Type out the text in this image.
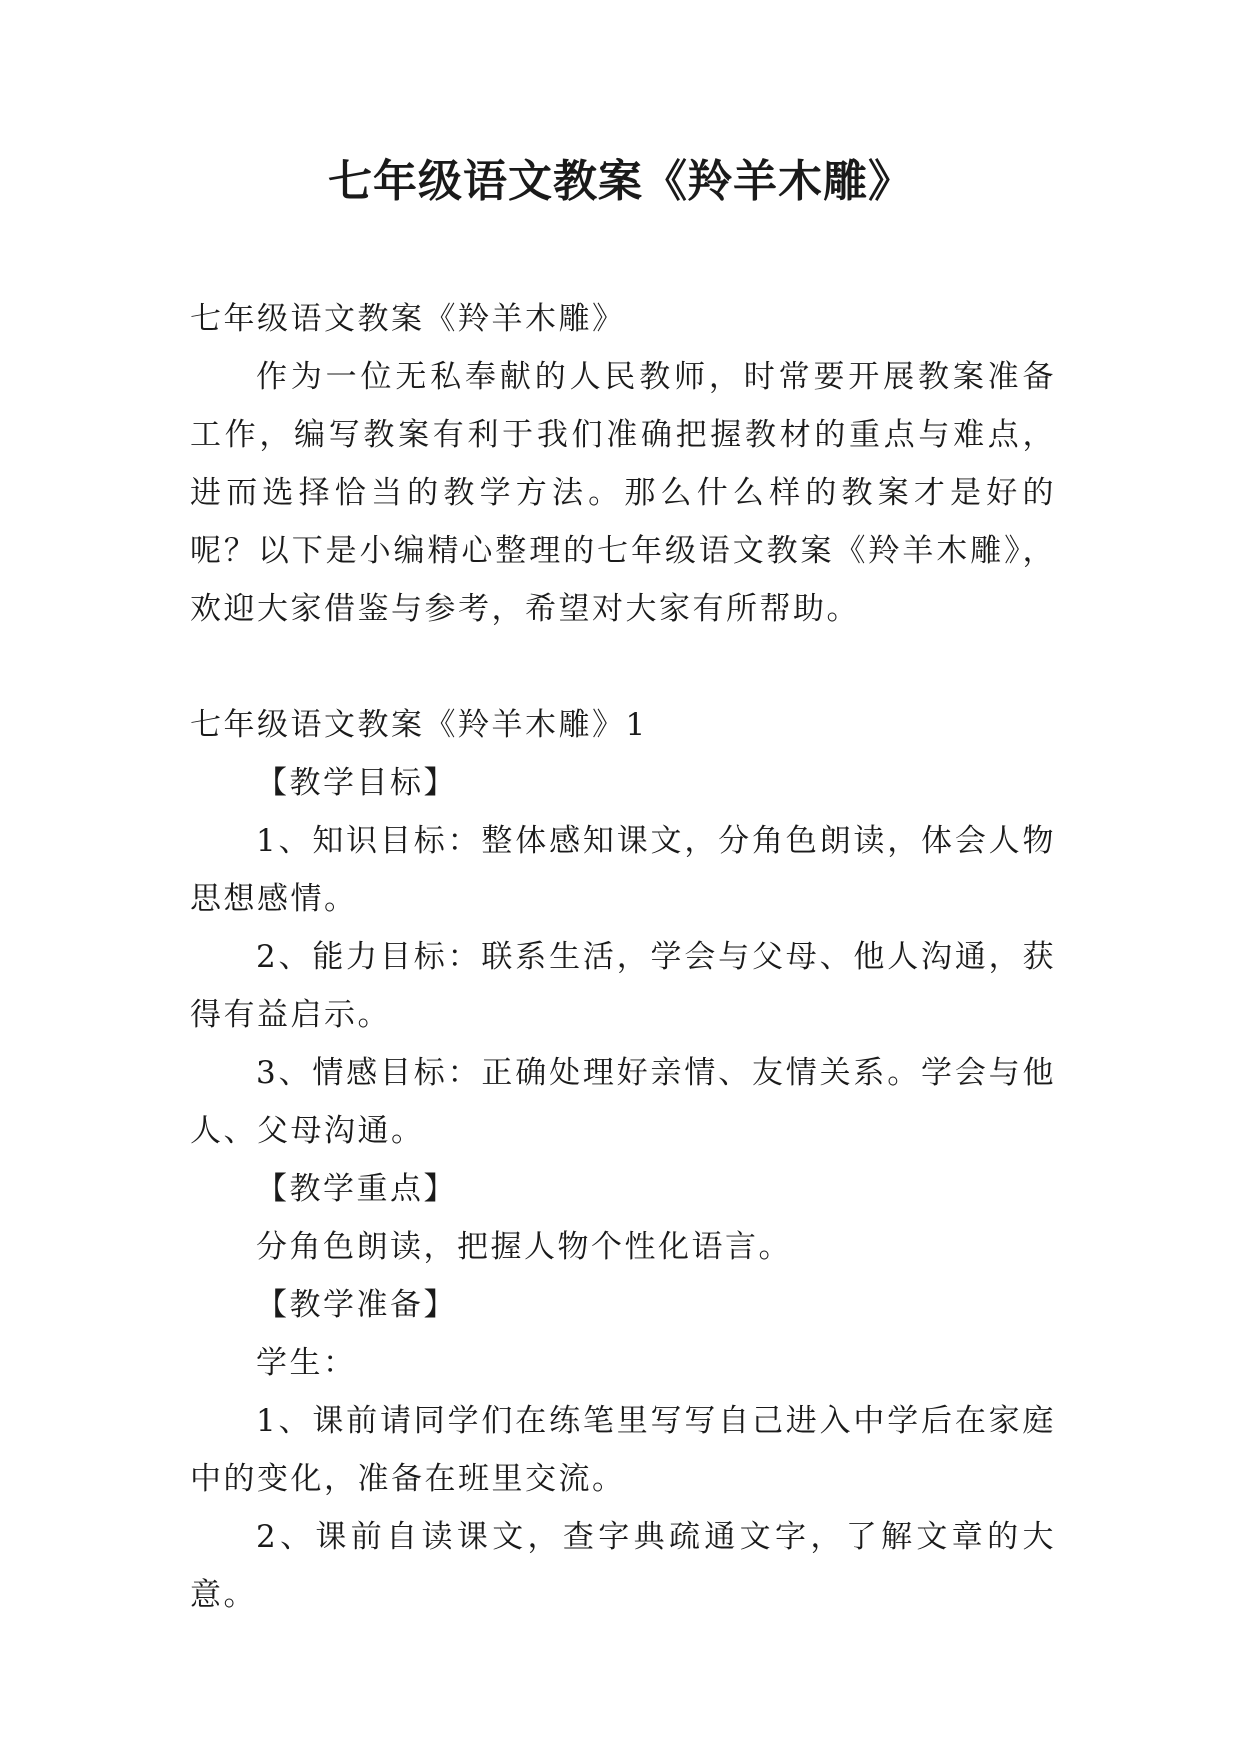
七年级语文教案《羚羊木雕》

七年级语文教案《羚羊木雕》

作为一位无私奉献的人民教师，时常要开展教案准备工作，编写教案有利于我们准确把握教材的重点与难点，进而选择恰当的教学方法。那么什么样的教案才是好的呢？以下是小编精心整理的七年级语文教案《羚羊木雕》，欢迎大家借鉴与参考，希望对大家有所帮助。

七年级语文教案《羚羊木雕》1

【教学目标】

1、知识目标：整体感知课文，分角色朗读，体会人物思想感情。

2、能力目标：联系生活，学会与父母、他人沟通，获得有益启示。

3、情感目标：正确处理好亲情、友情关系。学会与他人、父母沟通。

【教学重点】

分角色朗读，把握人物个性化语言。

【教学准备】

学生：

1、课前请同学们在练笔里写写自己进入中学后在家庭中的变化，准备在班里交流。

2、课前自读课文，查字典疏通文字，了解文章的大意。
